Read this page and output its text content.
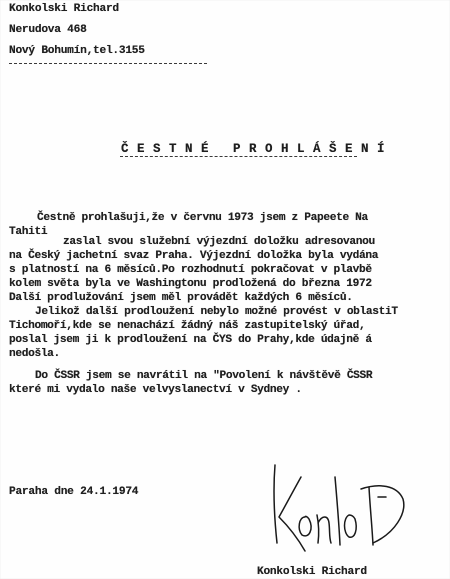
Konkolski Richard
Nerudova 468
Nový Bohumín,tel.3155
Č E S T N É   P R O H L Á Š E N Í
Čestně prohlašuji,že v červnu 1973 jsem z Papeete Na
Tahiti
zaslal svou služební výjezdní doložku adresovanou
na Český jachetní svaz Praha. Výjezdní doložka byla vydána
s platností na 6 měsíců.Po rozhodnutí pokračovat v plavbě
kolem světa byla ve Washingtonu prodložená do března 1972
Další prodlužování jsem měl provádět každých 6 měsíců.
Jelikož další prodloužení nebylo možné provést v oblastiT
Tichomoří,kde se nenachází žádný náš zastupitelský úřad,
poslal jsem ji k prodloužení na ČYS do Prahy,kde údajně á
nedošla.
Do ČSSR jsem se navrátil na "Povolení k návštěvě ČSSR
které mi vydalo naše velvyslanectví v Sydney .
Paraha dne 24.1.1974
Konkolski Richard
